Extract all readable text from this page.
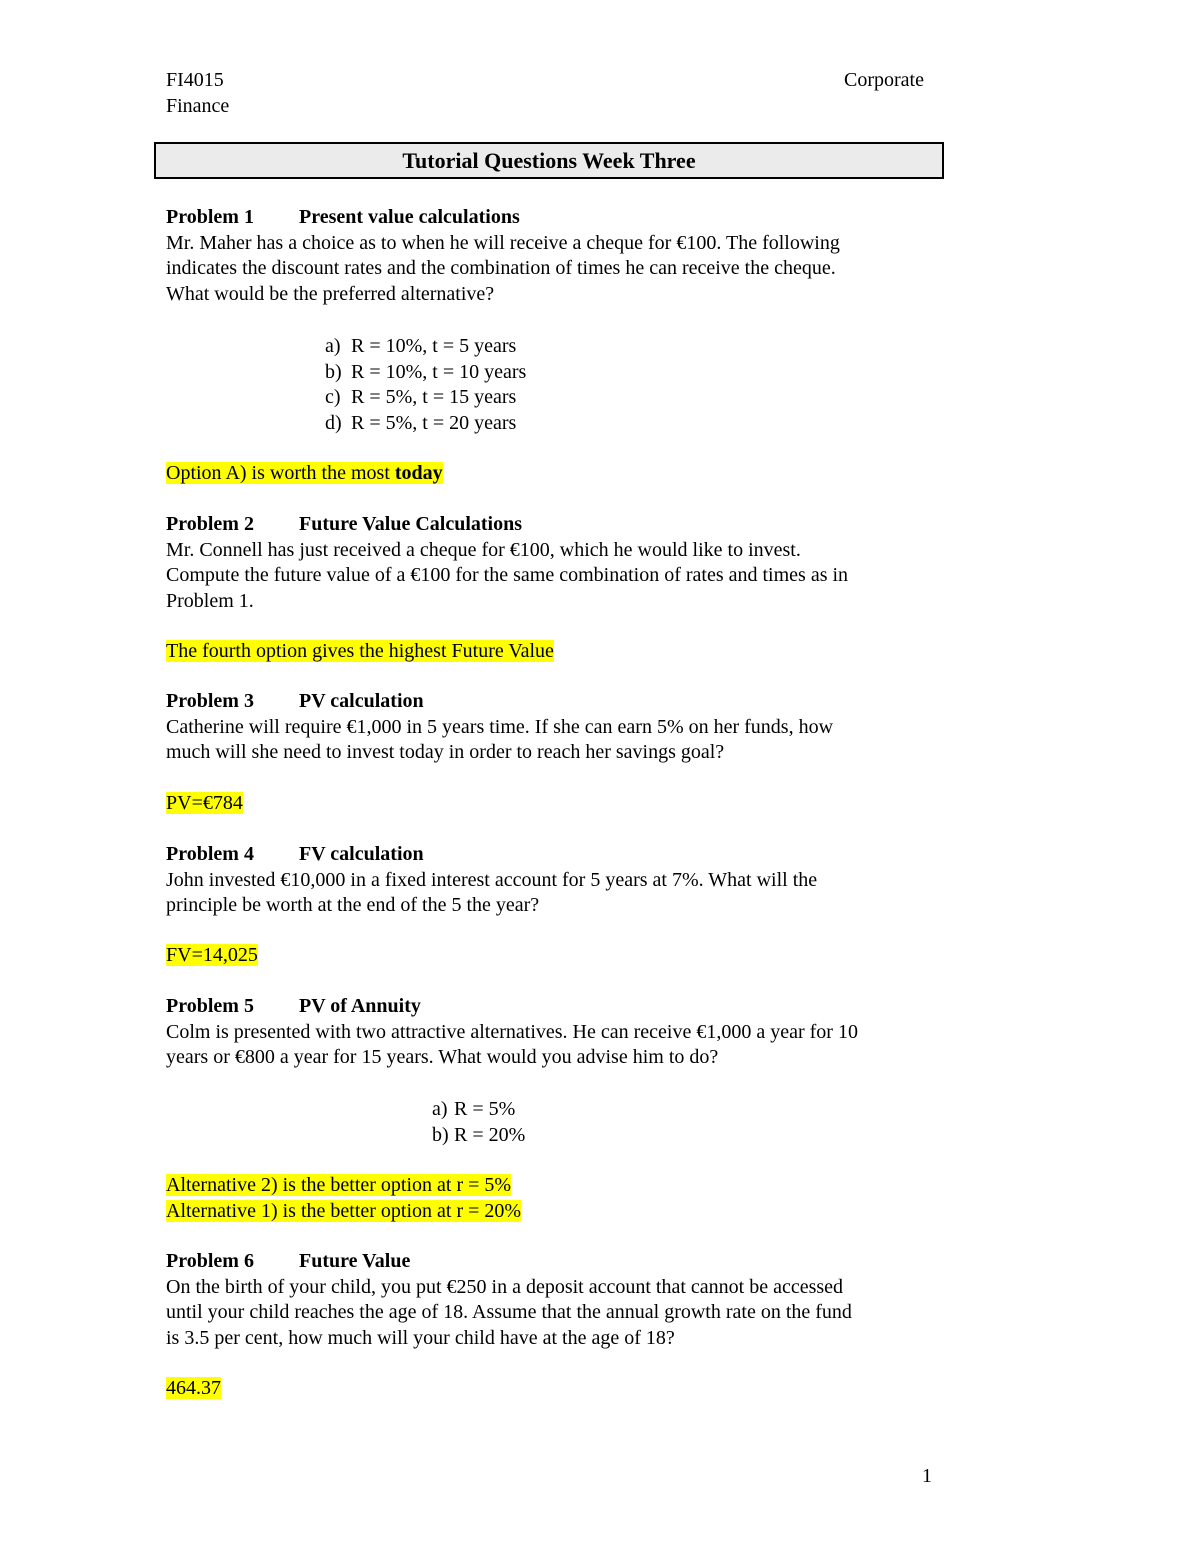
FI4015
Finance
Corporate
Tutorial Questions Week Three
Problem 1 Present value calculations

Mr. Maher has a choice as to when he will receive a cheque for €100. The following

indicates the discount rates and the combination of times he can receive the cheque.

What would be the preferred alternative?

a) R = 10%, t = 5 years
b) R = 10%, t = 10 years
c) R = 5%, t = 15 years
d) R = 5%, t = 20 years
Option A) is worth the most today
Problem 2 Future Value Calculations

Mr. Connell has just received a cheque for €100, which he would like to invest.

Compute the future value of a €100 for the same combination of rates and times as in

Problem 1.

The fourth option gives the highest Future Value
Problem 3 PV calculation

Catherine will require €1,000 in 5 years time. If she can earn 5% on her funds, how

much will she need to invest today in order to reach her savings goal?

PV=€784
Problem 4 FV calculation

John invested €10,000 in a fixed interest account for 5 years at 7%. What will the

principle be worth at the end of the 5 the year?

FV=14,025
Problem 5 PV of Annuity

Colm is presented with two attractive alternatives. He can receive €1,000 a year for 10

years or €800 a year for 15 years. What would you advise him to do?

a) R = 5%
b) R = 20%
Alternative 2) is the better option at r = 5%
Alternative 1) is the better option at r = 20%
Problem 6 Future Value

On the birth of your child, you put €250 in a deposit account that cannot be accessed

until your child reaches the age of 18. Assume that the annual growth rate on the fund

is 3.5 per cent, how much will your child have at the age of 18?

464.37
1
